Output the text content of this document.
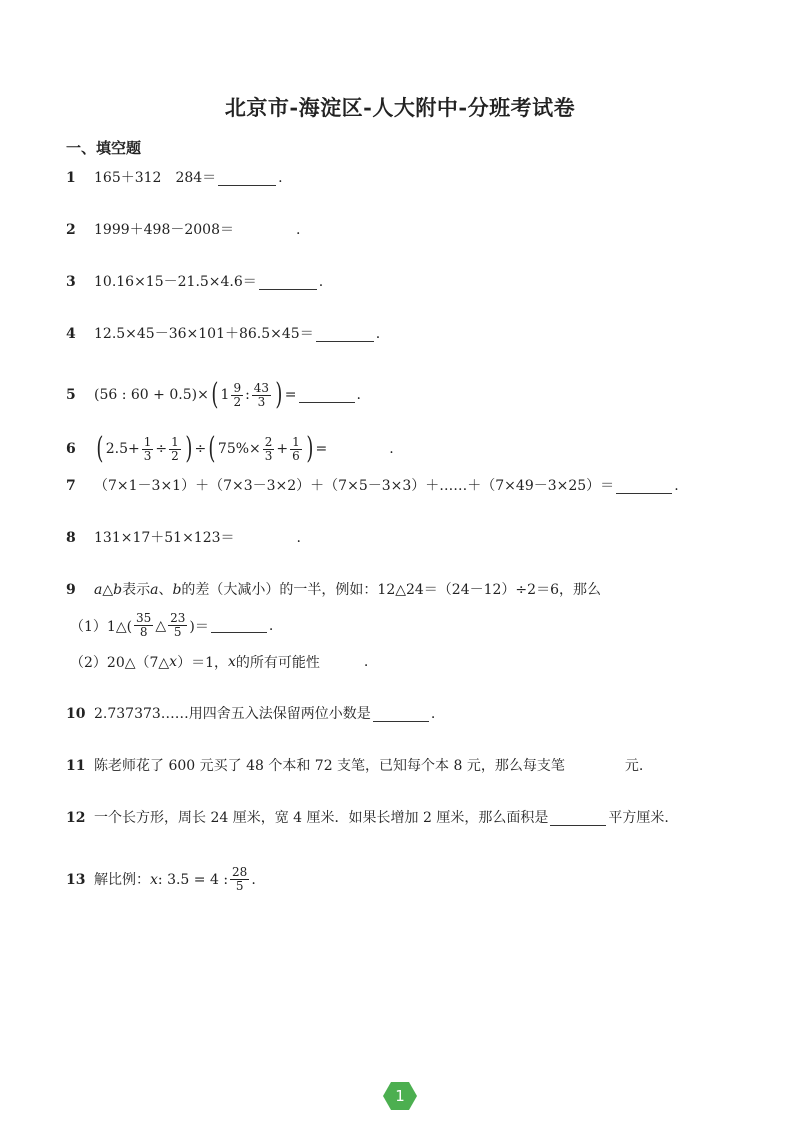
北京市-海淀区-人大附中-分班考试卷
一、填空题
1	165＋312　284＝	.
2	1999＋498－2008＝	.
3	10.16×15－21.5×4.6＝	.
4	12.5×45－36×101＋86.5×45＝	.
5	(56 : 60 + 0.5)× ( $1 \frac{9}{2}$ : $\frac{43}{3}$ ) =	.
6 ( $2.5+ \frac{1}{3} \div \frac{1}{2}$ ) ÷ ( $75\%\times \frac{2}{3} + \frac{1}{6}$ ) =	.
7	（7×1－3×1）＋（7×3－3×2）＋（7×5－3×3）＋……＋（7×49－3×25）＝	.
8	131×17＋51×123＝	.
9	a△b 表示 a 、 b 的差（大减小）的一半，例如：12△24＝（24－12）÷2＝6，那么
（1）1△( $\frac{35}{8}$ △ $\frac{23}{5}$ )＝	.
（2）20△（7△ x ）＝1， x 的所有可能性	.
10 2.737373……用四舍五入法保留两位小数是	.
11 陈老师花了 600 元买了 48 个本和 72 支笔，已知每个本 8 元，那么每支笔	元.
12 一个长方形，周长 24 厘米，宽 4 厘米．如果长增加 2 厘米，那么面积是	平方厘米.
13 解比例： x : 3.5 = 4 : $\frac{28}{5}$ .
1
